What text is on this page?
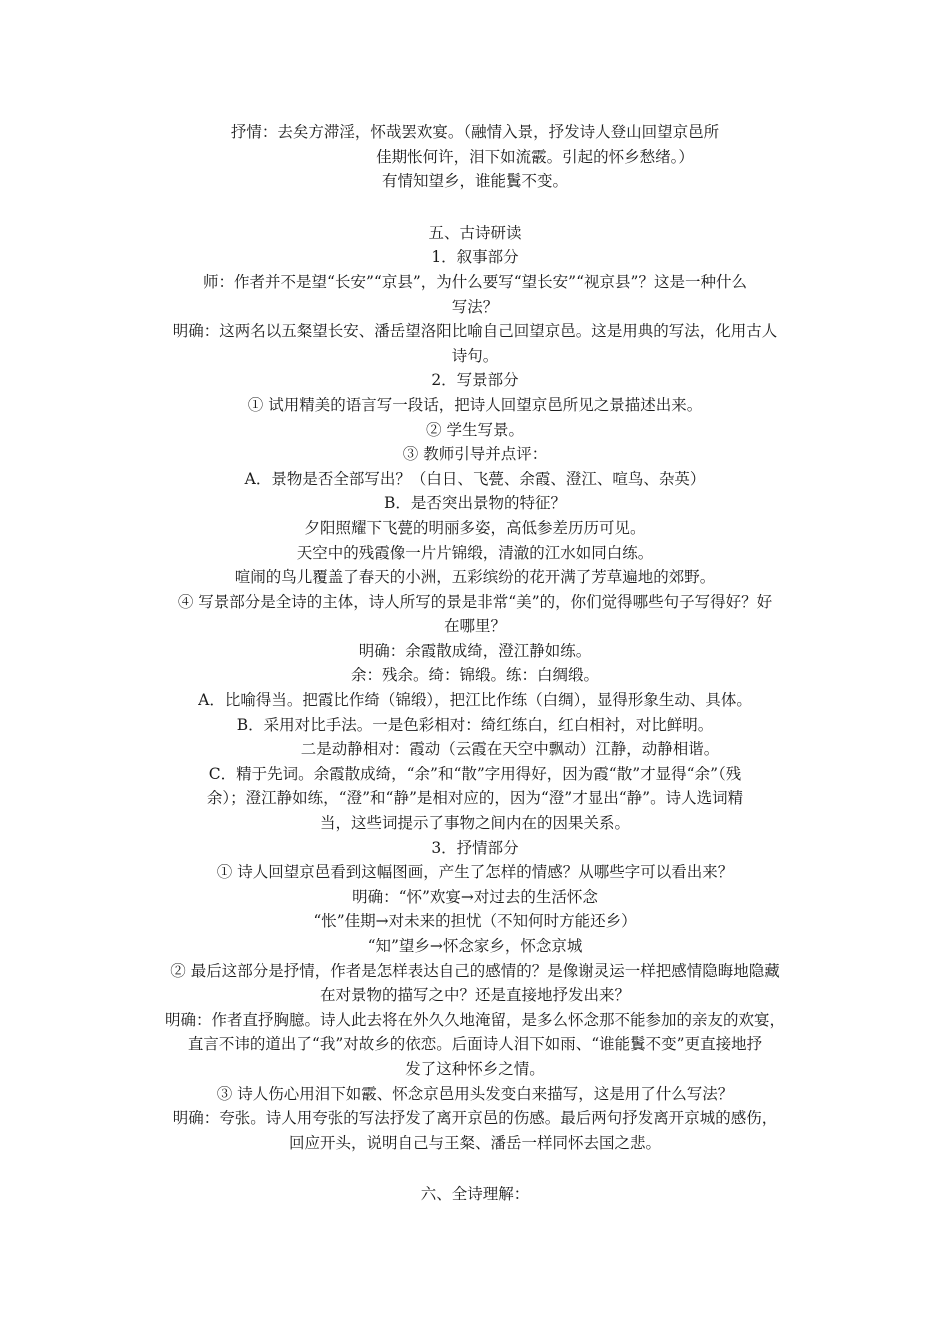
抒情：去矣方滞淫，怀哉罢欢宴。（融情入景，抒发诗人登山回望京邑所

佳期怅何许，泪下如流霰。引起的怀乡愁绪。）

有情知望乡，谁能鬒不变。

五、古诗研读

1．叙事部分

师：作者并不是望“长安”“京县”，为什么要写“望长安”“视京县”？这是一种什么

写法？

明确：这两名以五粲望长安、潘岳望洛阳比喻自己回望京邑。这是用典的写法，化用古人

诗句。

2．写景部分

① 试用精美的语言写一段话，把诗人回望京邑所见之景描述出来。

② 学生写景。

③ 教师引导并点评：

A．景物是否全部写出？（白日、飞甍、余霞、澄江、喧鸟、杂英）

B．是否突出景物的特征？

夕阳照耀下飞甍的明丽多姿，高低参差历历可见。

天空中的残霞像一片片锦缎，清澈的江水如同白练。

喧闹的鸟儿覆盖了春天的小洲，五彩缤纷的花开满了芳草遍地的郊野。

④ 写景部分是全诗的主体，诗人所写的景是非常“美”的，你们觉得哪些句子写得好？好

在哪里？

明确：余霞散成绮，澄江静如练。

余：残余。绮：锦缎。练：白绸缎。

A．比喻得当。把霞比作绮（锦缎），把江比作练（白绸），显得形象生动、具体。

B．采用对比手法。一是色彩相对：绮红练白，红白相衬，对比鲜明。

二是动静相对：霞动（云霞在天空中飘动）江静，动静相谐。

C．精于先词。余霞散成绮，“余”和“散”字用得好，因为霞“散”才显得“余”（残

余）；澄江静如练，“澄”和“静”是相对应的，因为“澄”才显出“静”。诗人选词精

当，这些词提示了事物之间内在的因果关系。

3．抒情部分

① 诗人回望京邑看到这幅图画，产生了怎样的情感？从哪些字可以看出来？

明确：“怀”欢宴→对过去的生活怀念

“怅”佳期→对未来的担忧（不知何时方能还乡）

“知”望乡→怀念家乡，怀念京城

② 最后这部分是抒情，作者是怎样表达自己的感情的？是像谢灵运一样把感情隐晦地隐藏

在对景物的描写之中？还是直接地抒发出来？

明确：作者直抒胸臆。诗人此去将在外久久地淹留，是多么怀念那不能参加的亲友的欢宴，

直言不讳的道出了“我”对故乡的依恋。后面诗人泪下如雨、“谁能鬒不变”更直接地抒

发了这种怀乡之情。

③ 诗人伤心用泪下如霰、怀念京邑用头发变白来描写，这是用了什么写法？

明确：夸张。诗人用夸张的写法抒发了离开京邑的伤感。最后两句抒发离开京城的感伤，

回应开头，说明自己与王粲、潘岳一样同怀去国之悲。

六、全诗理解：
